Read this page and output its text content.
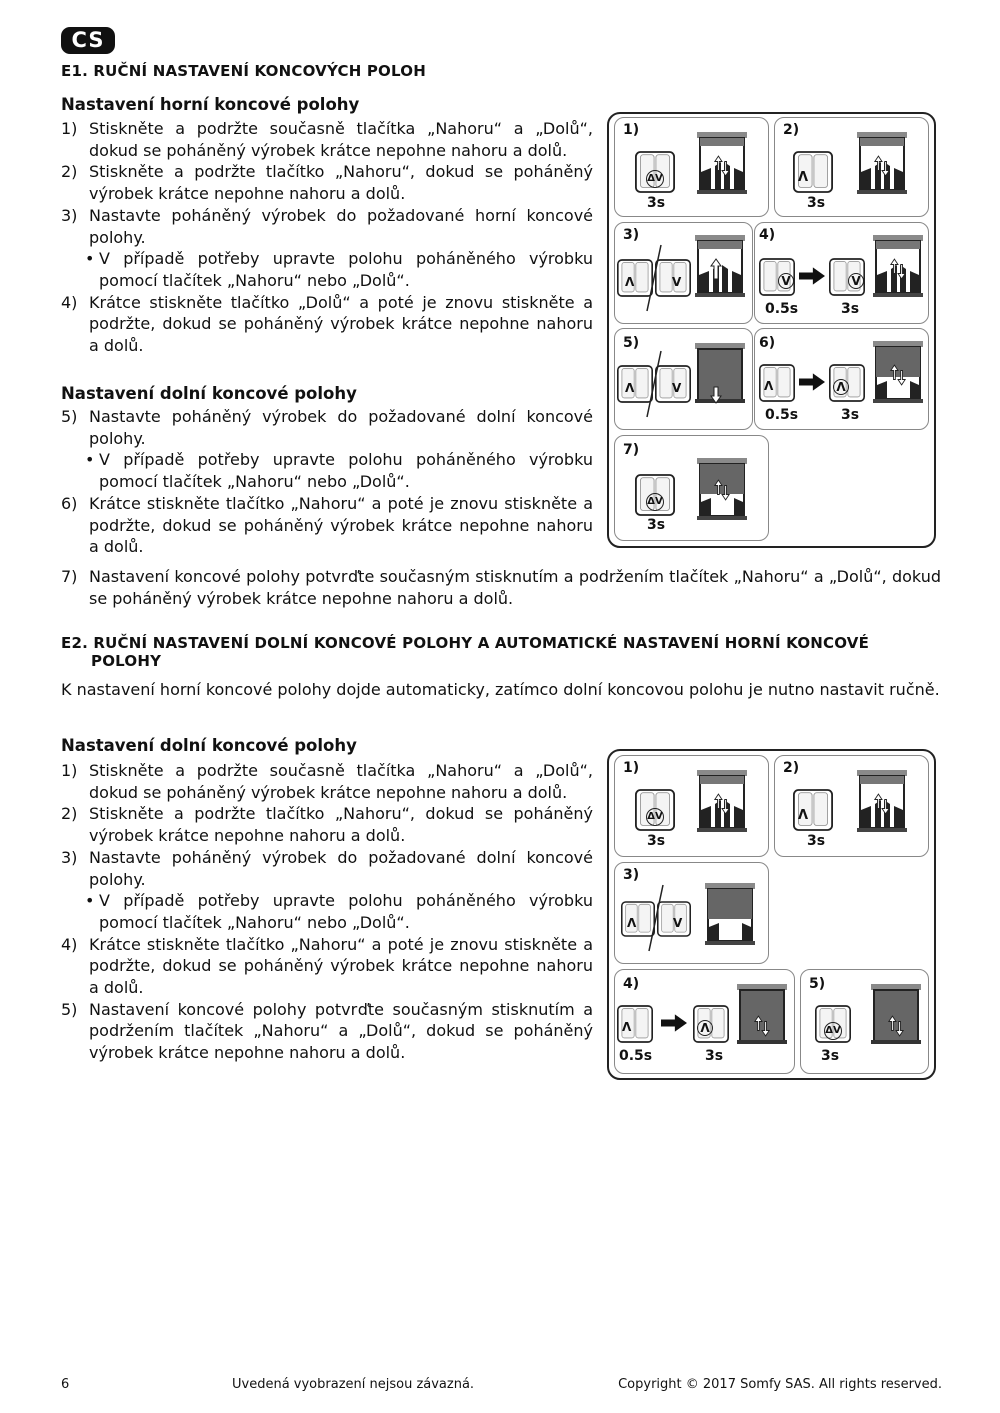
CS
E1. RUČNÍ NASTAVENÍ KONCOVÝCH POLOH
Nastavení horní koncové polohy
1) Stiskněte a podržte současně tlačítka „Nahoru“ a „Dolů“, dokud se poháněný výrobek krátce nepohne nahoru a dolů.
2) Stiskněte a podržte tlačítko „Nahoru“, dokud se poháněný výrobek krátce nepohne nahoru a dolů.
3) Nastavte poháněný výrobek do požadované horní koncové polohy.
• V případě potřeby upravte polohu poháněného výrobku pomocí tlačítek „Nahoru“ nebo „Dolů“.
4) Krátce stiskněte tlačítko „Dolů“ a poté je znovu stiskněte a podržte, dokud se poháněný výrobek krátce nepohne nahoru a dolů.
Nastavení dolní koncové polohy
5) Nastavte poháněný výrobek do požadované dolní koncové polohy.
• V případě potřeby upravte polohu poháněného výrobku pomocí tlačítek „Nahoru“ nebo „Dolů“.
6) Krátce stiskněte tlačítko „Nahoru“ a poté je znovu stiskněte a podržte, dokud se poháněný výrobek krátce nepohne nahoru a dolů.
7) Nastavení koncové polohy potvrďte současným stisknutím a podržením tlačítek „Nahoru“ a „Dolů“, dokud se poháněný výrobek krátce nepohne nahoru a dolů.
1)
ΔV
3s
2)
Λ
3s
3)
Λ	V
4)
V	V
0.5s	3s
5)
Λ	V
6)
Λ	Λ
0.5s	3s
7)
ΔV
3s
E2. RUČNÍ NASTAVENÍ DOLNÍ KONCOVÉ POLOHY A AUTOMATICKÉ NASTAVENÍ HORNÍ KONCOVÉ
POLOHY
K nastavení horní koncové polohy dojde automaticky, zatímco dolní koncovou polohu je nutno nastavit ručně.
Nastavení dolní koncové polohy
1) Stiskněte a podržte současně tlačítka „Nahoru“ a „Dolů“, dokud se poháněný výrobek krátce nepohne nahoru a dolů.
2) Stiskněte a podržte tlačítko „Nahoru“, dokud se poháněný výrobek krátce nepohne nahoru a dolů.
3) Nastavte poháněný výrobek do požadované dolní koncové polohy.
• V případě potřeby upravte polohu poháněného výrobku pomocí tlačítek „Nahoru“ nebo „Dolů“.
4) Krátce stiskněte tlačítko „Nahoru“ a poté je znovu stiskněte a podržte, dokud se poháněný výrobek krátce nepohne nahoru a dolů.
5) Nastavení koncové polohy potvrďte současným stisknutím a podržením tlačítek „Nahoru“ a „Dolů“, dokud se poháněný výrobek krátce nepohne nahoru a dolů.
1)
ΔV
3s
2)
Λ
3s
3)
Λ	V
4)
Λ	Λ
0.5s	3s
5)
ΔV
3s
6	Uvedená vyobrazení nejsou závazná.	Copyright © 2017 Somfy SAS. All rights reserved.
